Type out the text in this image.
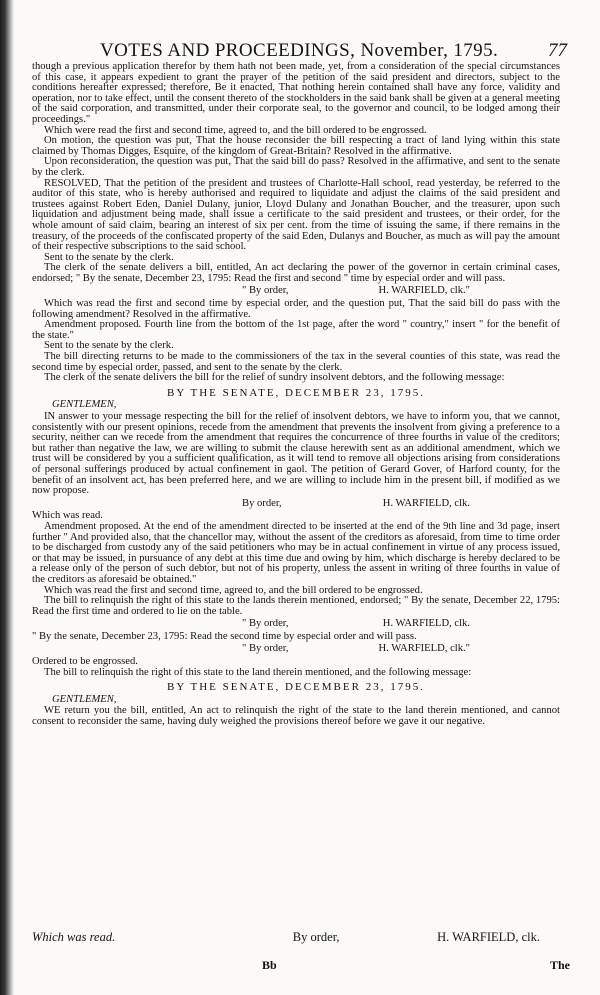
VOTES AND PROCEEDINGS, November, 1795.	77

though a previous application therefor by them hath not been made, yet, from a consideration of the special circumstances of this case, it appears expedient to grant the prayer of the petition of the said president and directors, subject to the conditions hereafter expressed; therefore, Be it enacted, That nothing herein contained shall have any force, validity and operation, nor to take effect, until the consent thereto of the stockholders in the said bank shall be given at a general meeting of the said corporation, and transmitted, under their corporate seal, to the governor and council, to be lodged among their proceedings."

Which were read the first and second time, agreed to, and the bill ordered to be engrossed.

On motion, the question was put, That the house reconsider the bill respecting a tract of land lying within this state claimed by Thomas Digges, Esquire, of the kingdom of Great-Britain? Resolved in the affirmative.

Upon reconsideration, the question was put, That the said bill do pass? Resolved in the affirmative, and sent to the senate by the clerk.

RESOLVED, That the petition of the president and trustees of Charlotte-Hall school, read yesterday, be referred to the auditor of this state, who is hereby authorised and required to liquidate and adjust the claims of the said president and trustees against Robert Eden, Daniel Dulany, junior, Lloyd Dulany and Jonathan Boucher, and the treasurer, upon such liquidation and adjustment being made, shall issue a certificate to the said president and trustees, or their order, for the whole amount of said claim, bearing an interest of six per cent. from the time of issuing the same, if there remains in the treasury, of the proceeds of the confiscated property of the said Eden, Dulanys and Boucher, as much as will pay the amount of their respective subscriptions to the said school.

Sent to the senate by the clerk.

The clerk of the senate delivers a bill, entitled, An act declaring the power of the governor in certain criminal cases, endorsed; " By the senate, December 23, 1795: Read the first and second " time by especial order and will pass.

" By order,	H. WARFIELD, clk."

Which was read the first and second time by especial order, and the question put, That the said bill do pass with the following amendment? Resolved in the affirmative.

Amendment proposed. Fourth line from the bottom of the 1st page, after the word " country," insert " for the benefit of the state."

Sent to the senate by the clerk.

The bill directing returns to be made to the commissioners of the tax in the several counties of this state, was read the second time by especial order, passed, and sent to the senate by the clerk.

The clerk of the senate delivers the bill for the relief of sundry insolvent debtors, and the following message:

BY THE SENATE, DECEMBER 23, 1795.
GENTLEMEN,

IN answer to your message respecting the bill for the relief of insolvent debtors, we have to inform you, that we cannot, consistently with our present opinions, recede from the amendment that prevents the insolvent from giving a preference to a security, neither can we recede from the amendment that requires the concurrence of three fourths in value of the creditors; but rather than negative the law, we are willing to submit the clause herewith sent as an additional amendment, which we trust will be considered by you a sufficient qualification, as it will tend to remove all objections arising from considerations of personal sufferings produced by actual confinement in gaol. The petition of Gerard Gover, of Harford county, for the benefit of an insolvent act, has been preferred here, and we are willing to include him in the present bill, if modified as we now propose.

By order,	H. WARFIELD, clk.

Which was read.

Amendment proposed. At the end of the amendment directed to be inserted at the end of the 9th line and 3d page, insert further " And provided also, that the chancellor may, without the assent of the creditors as aforesaid, from time to time order to be discharged from custody any of the said petitioners who may be in actual confinement in virtue of any process issued, or that may be issued, in pursuance of any debt at this time due and owing by him, which discharge is hereby declared to be a release only of the person of such debtor, but not of his property, unless the assent in writing of three fourths in value of the creditors as aforesaid be obtained."

Which was read the first and second time, agreed to, and the bill ordered to be engrossed.

The bill to relinquish the right of this state to the lands therein mentioned, endorsed; " By the senate, December 22, 1795: Read the first time and ordered to lie on the table.

" By order,	H. WARFIELD, clk.

" By the senate, December 23, 1795: Read the second time by especial order and will pass.

" By order,	H. WARFIELD, clk."

Ordered to be engrossed.

The bill to relinquish the right of this state to the land therein mentioned, and the following message:

BY THE SENATE, DECEMBER 23, 1795.
GENTLEMEN,

WE return you the bill, entitled, An act to relinquish the right of the state to the land therein mentioned, and cannot consent to reconsider the same, having duly weighed the provisions thereof before we gave it our negative.

Which was read.	By order,	H. WARFIELD, clk.
Bb	The
